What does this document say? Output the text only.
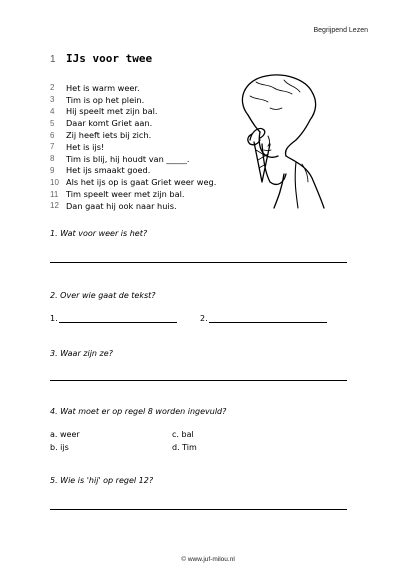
Begrijpend Lezen
1 IJs voor twee
2	Het is warm weer.
3	Tim is op het plein.
4	Hij speelt met zijn bal.
5	Daar komt Griet aan.
6	Zij heeft iets bij zich.
7	Het is ijs!
8	Tim is blij, hij houdt van _____.
9	Het ijs smaakt goed.
10 Als het ijs op is gaat Griet weer weg.
11 Tim speelt weer met zijn bal.
12 Dan gaat hij ook naar huis.
1. Wat voor weer is het?
2. Over wie gaat de tekst?
1.	2.
3. Waar zijn ze?
4. Wat moet er op regel 8 worden ingevuld?
a. weer	c. bal
b. ijs	d. Tim
5. Wie is 'hij' op regel 12?
© www.juf-milou.nl
